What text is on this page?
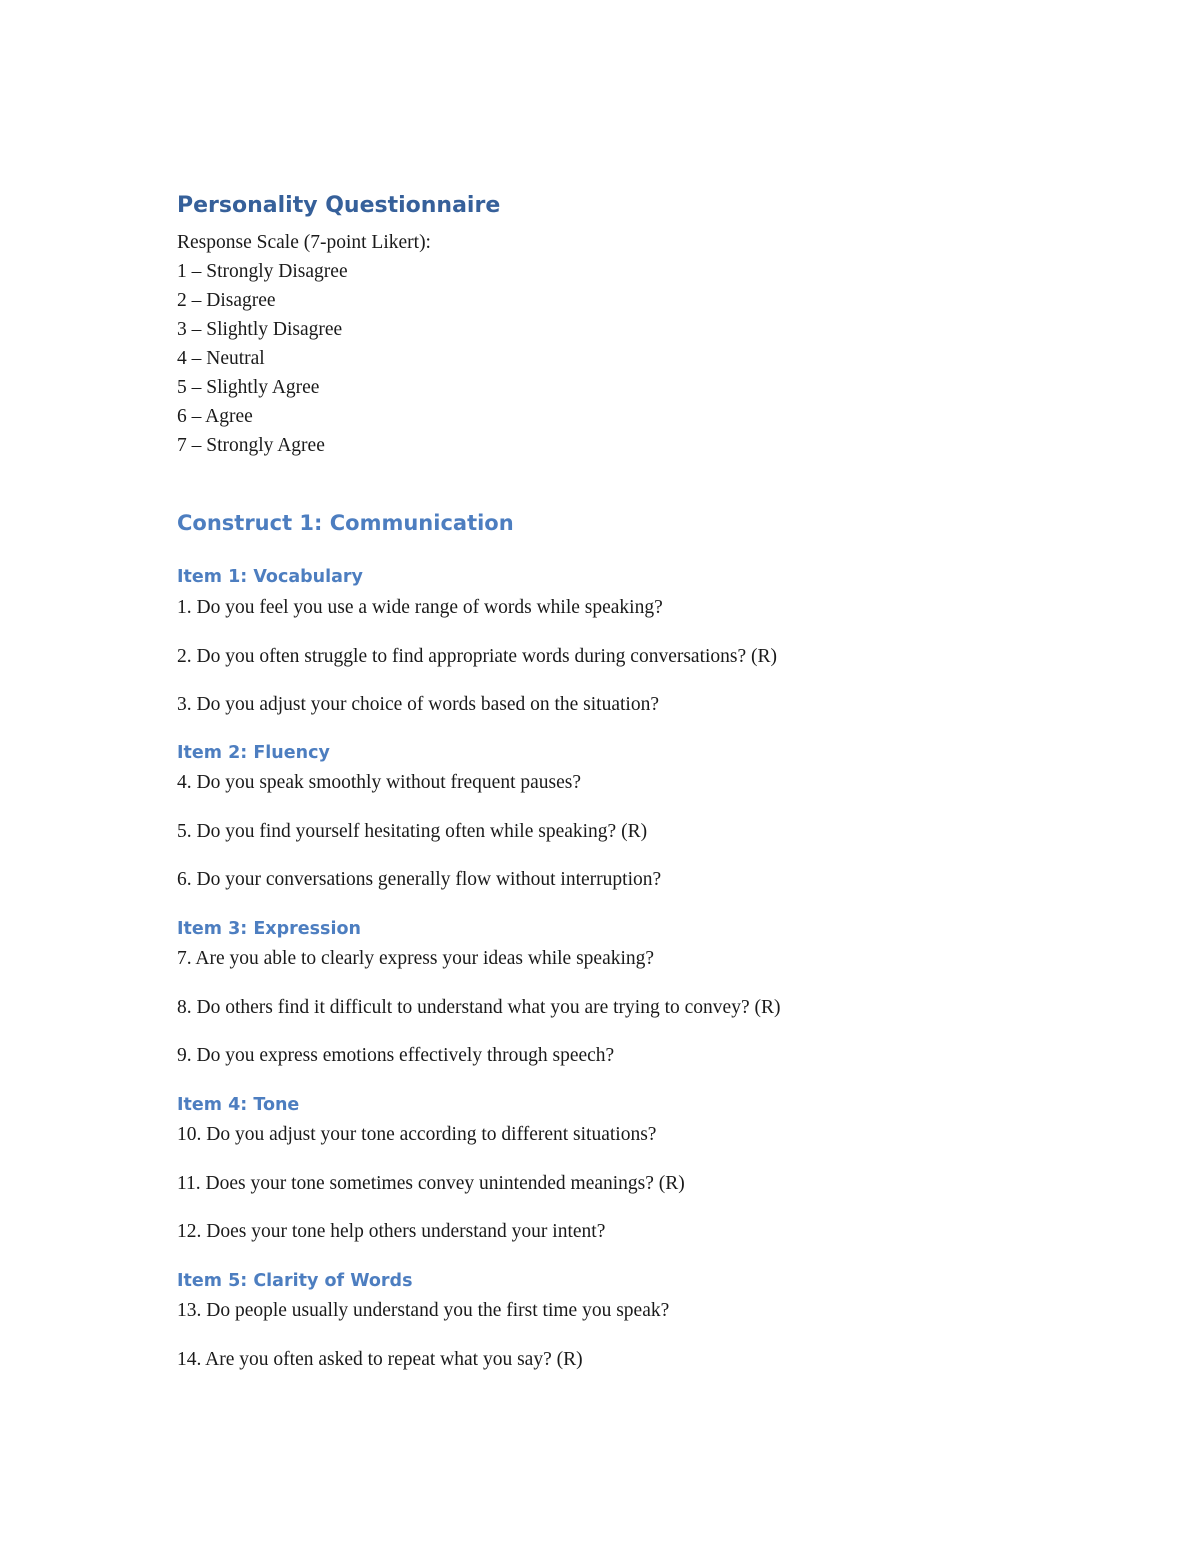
Personality Questionnaire
Response Scale (7-point Likert):
1 – Strongly Disagree
2 – Disagree
3 – Slightly Disagree
4 – Neutral
5 – Slightly Agree
6 – Agree
7 – Strongly Agree
Construct 1: Communication
Item 1: Vocabulary

1. Do you feel you use a wide range of words while speaking?

2. Do you often struggle to find appropriate words during conversations? (R)

3. Do you adjust your choice of words based on the situation?

Item 2: Fluency

4. Do you speak smoothly without frequent pauses?

5. Do you find yourself hesitating often while speaking? (R)

6. Do your conversations generally flow without interruption?

Item 3: Expression

7. Are you able to clearly express your ideas while speaking?

8. Do others find it difficult to understand what you are trying to convey? (R)

9. Do you express emotions effectively through speech?

Item 4: Tone

10. Do you adjust your tone according to different situations?

11. Does your tone sometimes convey unintended meanings? (R)

12. Does your tone help others understand your intent?

Item 5: Clarity of Words

13. Do people usually understand you the first time you speak?

14. Are you often asked to repeat what you say? (R)
